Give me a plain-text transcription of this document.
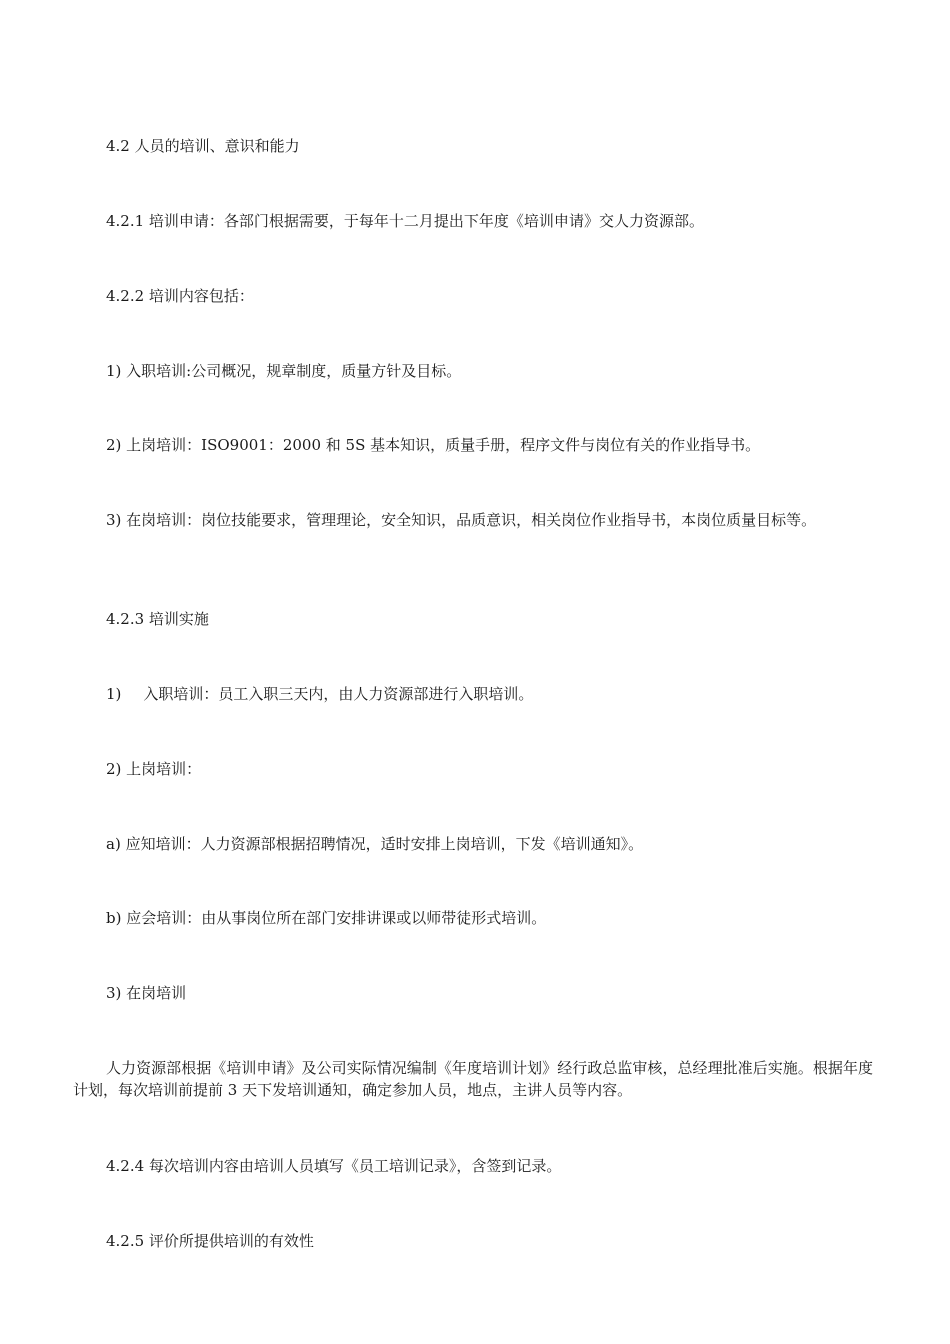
4.2 人员的培训、意识和能力
4.2.1 培训申请：各部门根据需要，于每年十二月提出下年度《培训申请》交人力资源部。
4.2.2 培训内容包括：
1) 入职培训:公司概况，规章制度，质量方针及目标。
2) 上岗培训：ISO9001：2000 和 5S 基本知识，质量手册，程序文件与岗位有关的作业指导书。
3) 在岗培训：岗位技能要求，管理理论，安全知识，品质意识，相关岗位作业指导书，本岗位质量目标等。
4.2.3 培训实施
1) 入职培训：员工入职三天内，由人力资源部进行入职培训。
2) 上岗培训：
a) 应知培训：人力资源部根据招聘情况，适时安排上岗培训，下发《培训通知》。
b) 应会培训：由从事岗位所在部门安排讲课或以师带徒形式培训。
3) 在岗培训
人力资源部根据《培训申请》及公司实际情况编制《年度培训计划》经行政总监审核，总经理批准后实施。根据年度计划，每次培训前提前 3 天下发培训通知，确定参加人员，地点，主讲人员等内容。
4.2.4 每次培训内容由培训人员填写《员工培训记录》，含签到记录。
4.2.5 评价所提供培训的有效性
